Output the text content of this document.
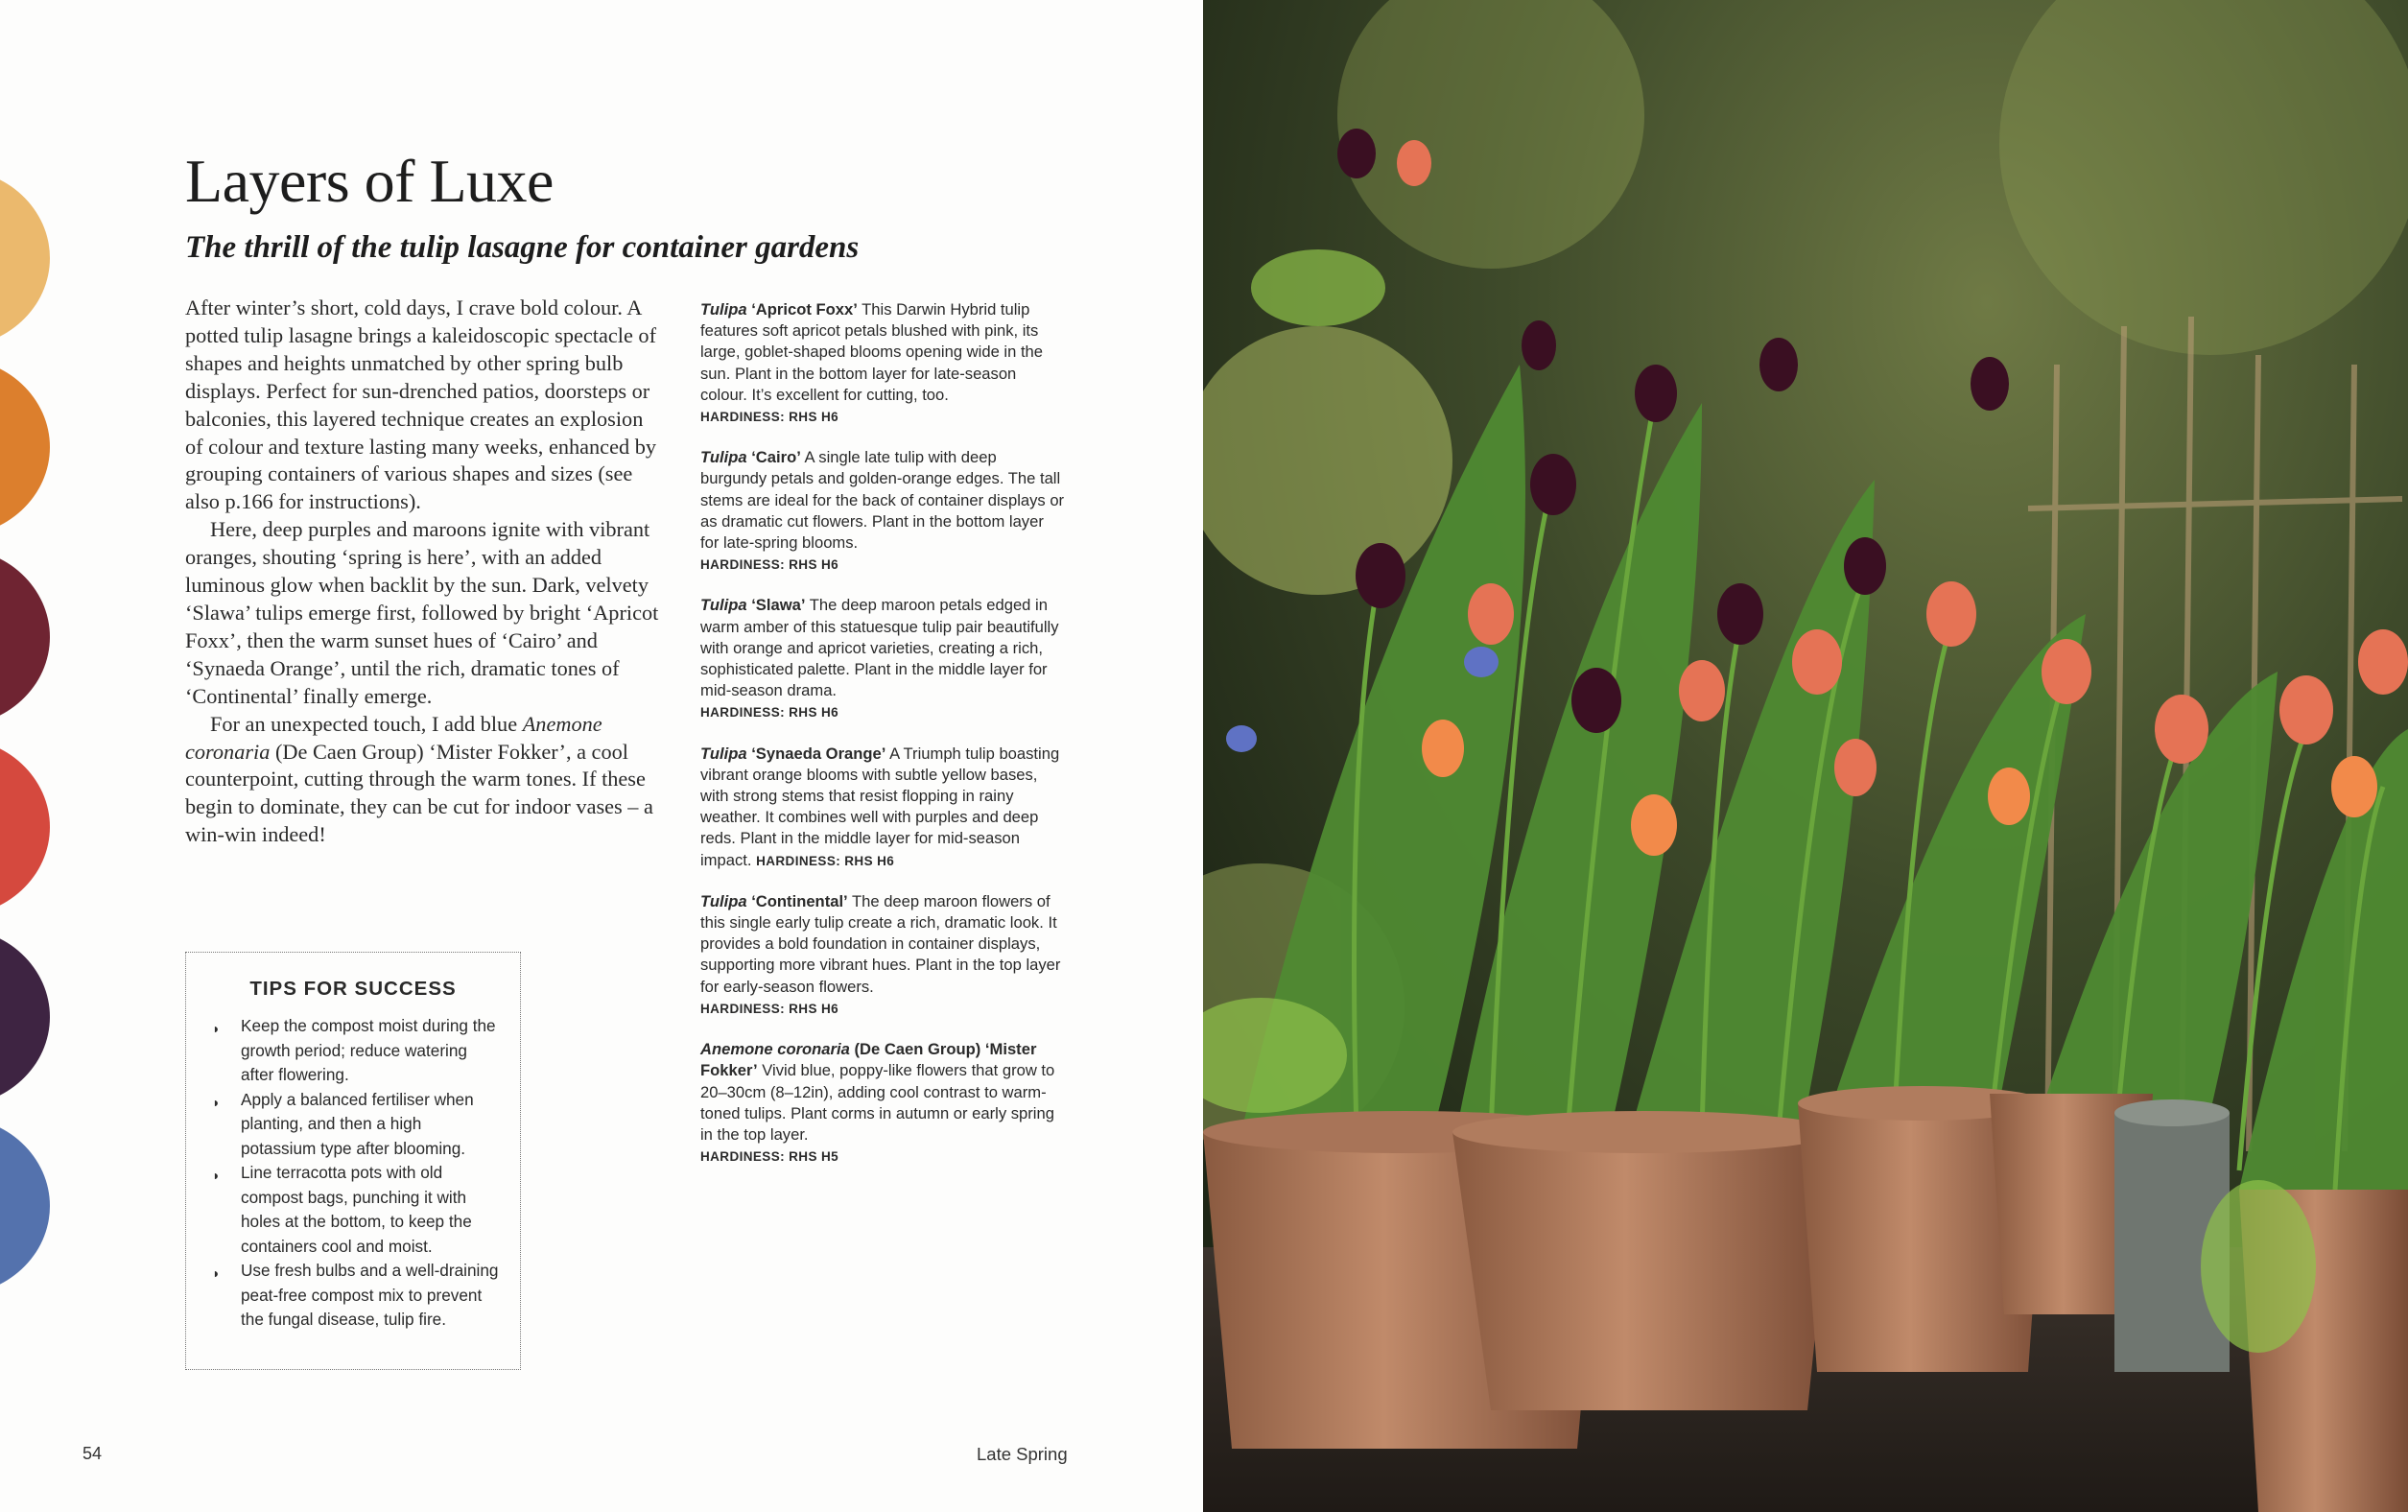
Layers of Luxe
The thrill of the tulip lasagne for container gardens

After winter’s short, cold days, I crave bold colour. A potted tulip lasagne brings a kaleidoscopic spectacle of shapes and heights unmatched by other spring bulb displays. Perfect for sun-drenched patios, doorsteps or balconies, this layered technique creates an explosion of colour and texture lasting many weeks, enhanced by grouping containers of various shapes and sizes (see also p.166 for instructions).

Here, deep purples and maroons ignite with vibrant oranges, shouting ‘spring is here’, with an added luminous glow when backlit by the sun. Dark, velvety ‘Slawa’ tulips emerge first, followed by bright ‘Apricot Foxx’, then the warm sunset hues of ‘Cairo’ and ‘Synaeda Orange’, until the rich, dramatic tones of ‘Continental’ finally emerge.

For an unexpected touch, I add blue Anemone coronaria (De Caen Group) ‘Mister Fokker’, a cool counterpoint, cutting through the warm tones. If these begin to dominate, they can be cut for indoor vases – a win-win indeed!

Tulipa ‘Apricot Foxx’ This Darwin Hybrid tulip features soft apricot petals blushed with pink, its large, goblet-shaped blooms opening wide in the sun. Plant in the bottom layer for late-season colour. It’s excellent for cutting, too.
HARDINESS: RHS H6

Tulipa ‘Cairo’ A single late tulip with deep burgundy petals and golden-orange edges. The tall stems are ideal for the back of container displays or as dramatic cut flowers. Plant in the bottom layer for late-spring blooms.
HARDINESS: RHS H6

Tulipa ‘Slawa’ The deep maroon petals edged in warm amber of this statuesque tulip pair beautifully with orange and apricot varieties, creating a rich, sophisticated palette. Plant in the middle layer for mid-season drama.
HARDINESS: RHS H6

Tulipa ‘Synaeda Orange’ A Triumph tulip boasting vibrant orange blooms with subtle yellow bases, with strong stems that resist flopping in rainy weather. It combines well with purples and deep reds. Plant in the middle layer for mid-season impact. HARDINESS: RHS H6

Tulipa ‘Continental’ The deep maroon flowers of this single early tulip create a rich, dramatic look. It provides a bold foundation in container displays, supporting more vibrant hues. Plant in the top layer for early-season flowers.
HARDINESS: RHS H6

Anemone coronaria (De Caen Group) ‘Mister Fokker’ Vivid blue, poppy-like flowers that grow to 20–30cm (8–12in), adding cool contrast to warm-toned tulips. Plant corms in autumn or early spring in the top layer.
HARDINESS: RHS H5

TIPS FOR SUCCESS
◗ Keep the compost moist during the growth period; reduce watering after flowering.
◗ Apply a balanced fertiliser when planting, and then a high potassium type after blooming.
◗ Line terracotta pots with old compost bags, punching it with holes at the bottom, to keep the containers cool and moist.
◗ Use fresh bulbs and a well-draining peat-free compost mix to prevent the fungal disease, tulip fire.
54	Late Spring
